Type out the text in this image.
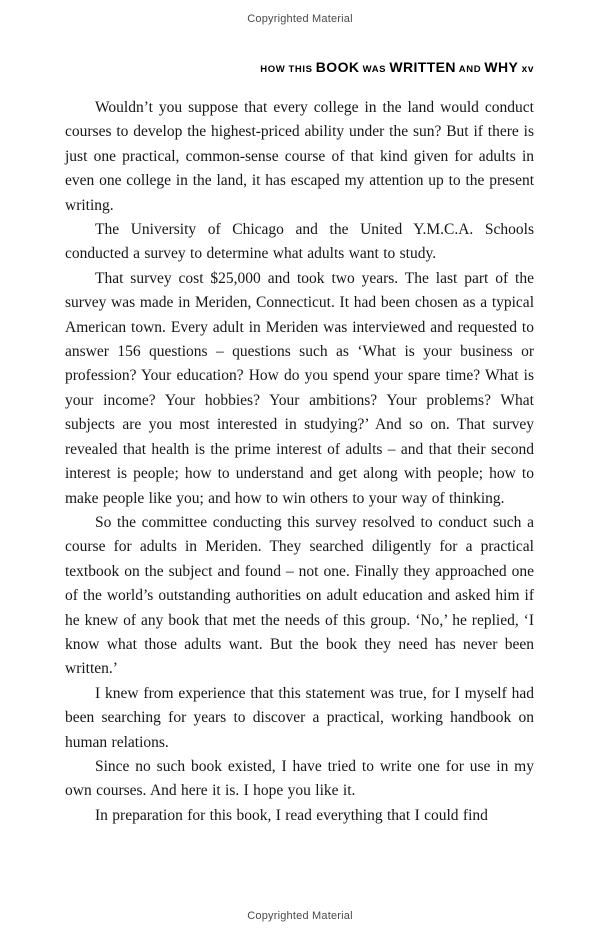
Copyrighted Material
HOW THIS BOOK WAS WRITTEN AND WHY xv

Wouldn’t you suppose that every college in the land would conduct courses to develop the highest-priced ability under the sun? But if there is just one practical, common-sense course of that kind given for adults in even one college in the land, it has escaped my attention up to the present writing.

The University of Chicago and the United Y.M.C.A. Schools conducted a survey to determine what adults want to study.

That survey cost $25,000 and took two years. The last part of the survey was made in Meriden, Connecticut. It had been chosen as a typical American town. Every adult in Meriden was interviewed and requested to answer 156 questions – questions such as ‘What is your business or profession? Your education? How do you spend your spare time? What is your income? Your hobbies? Your ambitions? Your problems? What subjects are you most interested in studying?’ And so on. That survey revealed that health is the prime interest of adults – and that their second interest is people; how to understand and get along with people; how to make people like you; and how to win others to your way of thinking.

So the committee conducting this survey resolved to conduct such a course for adults in Meriden. They searched diligently for a practical textbook on the subject and found – not one. Finally they approached one of the world’s outstanding authorities on adult education and asked him if he knew of any book that met the needs of this group. ‘No,’ he replied, ‘I know what those adults want. But the book they need has never been written.’

I knew from experience that this statement was true, for I myself had been searching for years to discover a practical, working handbook on human relations.

Since no such book existed, I have tried to write one for use in my own courses. And here it is. I hope you like it.

In preparation for this book, I read everything that I could find

Copyrighted Material
